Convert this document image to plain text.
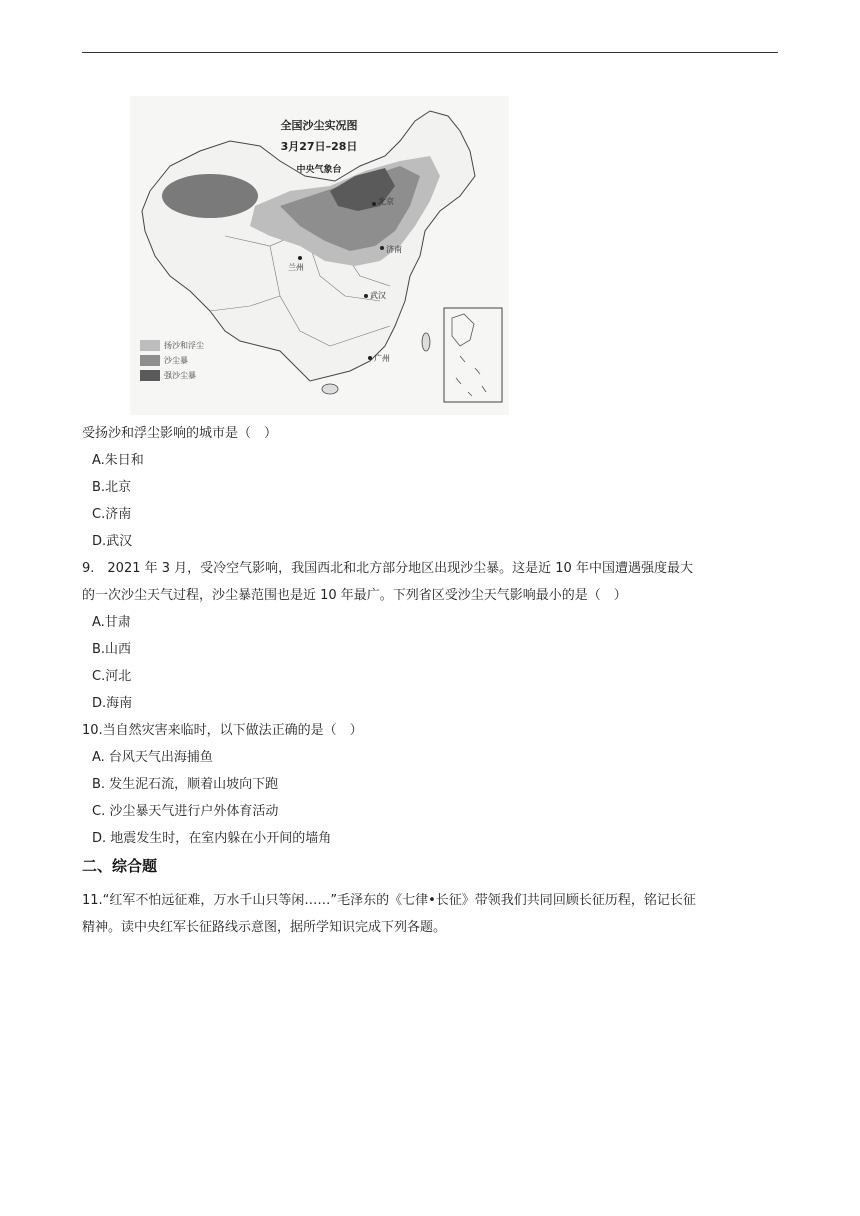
全国沙尘实况图
3月27日–28日
中央气象台
兰州
济南
武汉
广州
北京
扬沙和浮尘
沙尘暴
强沙尘暴
受扬沙和浮尘影响的城市是（　）
A.朱日和
B.北京
C.济南
D.武汉
9.　2021 年 3 月，受冷空气影响，我国西北和北方部分地区出现沙尘暴。这是近 10 年中国遭遇强度最大
的一次沙尘天气过程，沙尘暴范围也是近 10 年最广。下列省区受沙尘天气影响最小的是（　）
A.甘肃
B.山西
C.河北
D.海南
10.当自然灾害来临时，以下做法正确的是（　）
A. 台风天气出海捕鱼
B. 发生泥石流，顺着山坡向下跑
C. 沙尘暴天气进行户外体育活动
D. 地震发生时，在室内躲在小开间的墙角
二、综合题
11.“红军不怕远征难，万水千山只等闲……”毛泽东的《七律•长征》带领我们共同回顾长征历程，铭记长征
精神。读中央红军长征路线示意图，据所学知识完成下列各题。
